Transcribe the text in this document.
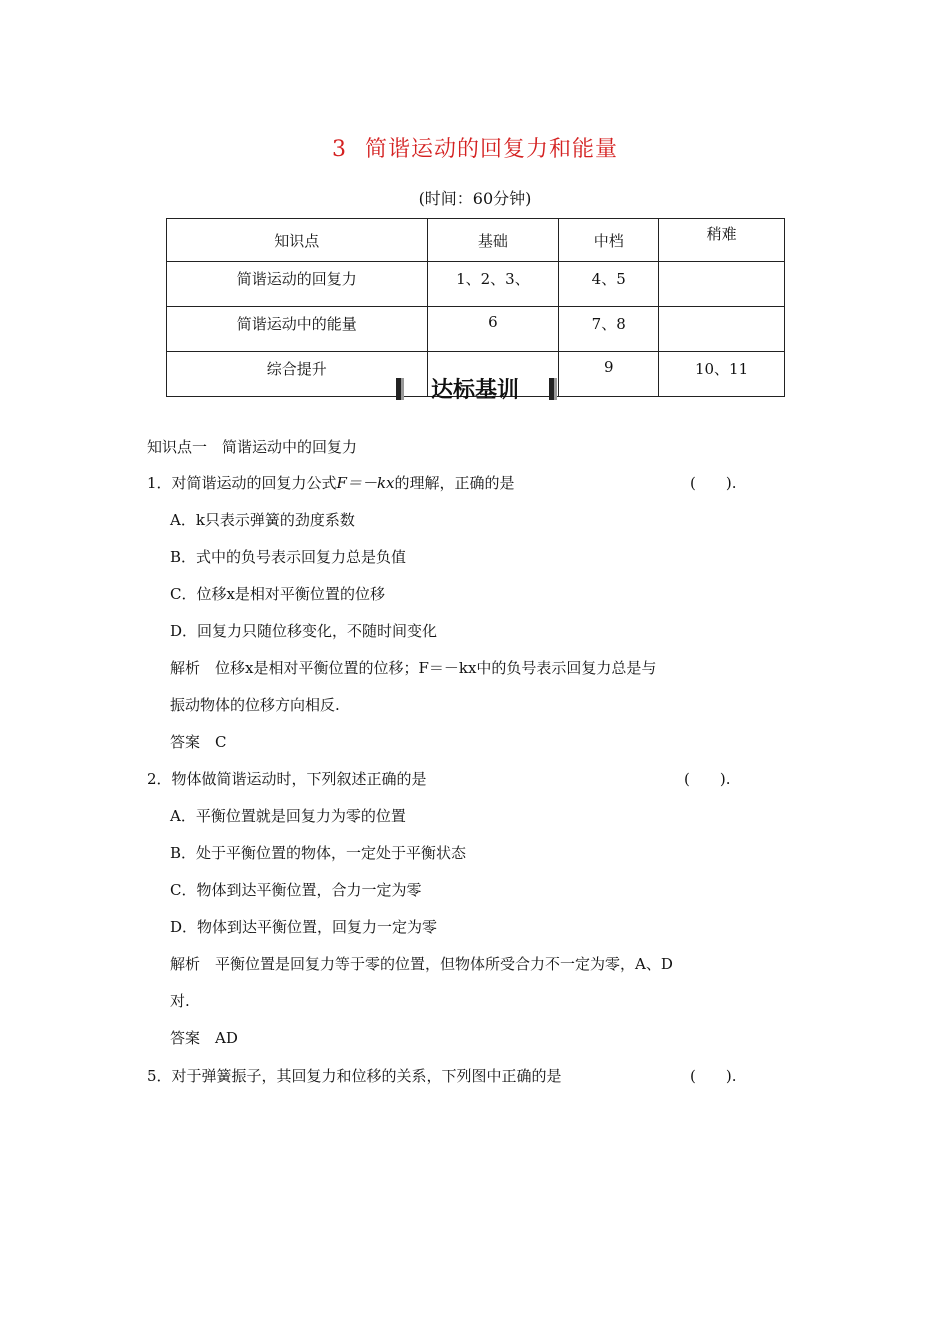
3 简谐运动的回复力和能量
(时间：60分钟)
知识点	基础	中档	稍难
简谐运动的回复力	1、2、3、	4、5	
简谐运动中的能量	6	7、8	
综合提升		9	10、11
达标基训
知识点一　简谐运动中的回复力
1．对简谐运动的回复力公式F＝－kx的理解，正确的是	(　　).
A．k只表示弹簧的劲度系数
B．式中的负号表示回复力总是负值
C．位移x是相对平衡位置的位移
D．回复力只随位移变化，不随时间变化
解析　位移x是相对平衡位置的位移；F＝－kx中的负号表示回复力总是与
振动物体的位移方向相反.
答案　C
2．物体做简谐运动时，下列叙述正确的是	(　　).
A．平衡位置就是回复力为零的位置
B．处于平衡位置的物体，一定处于平衡状态
C．物体到达平衡位置，合力一定为零
D．物体到达平衡位置，回复力一定为零
解析　平衡位置是回复力等于零的位置，但物体所受合力不一定为零，A、D
对.
答案　AD
5．对于弹簧振子，其回复力和位移的关系，下列图中正确的是	(　　).
